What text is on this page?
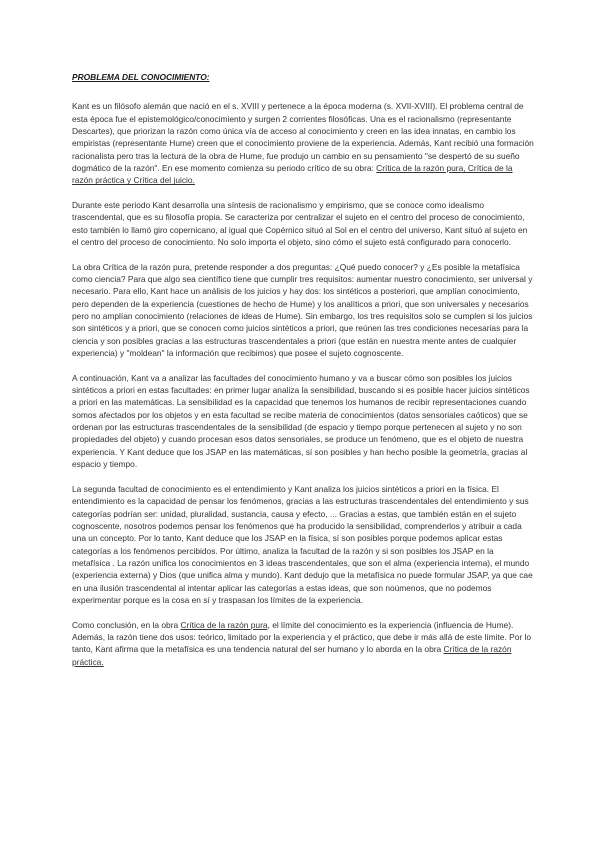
PROBLEMA DEL CONOCIMIENTO:

Kant es un filósofo alemán que nació en el s. XVIII y pertenece a la época moderna (s. XVII-XVIII). El problema central de esta época fue el epistemológico/conocimiento y surgen 2 corrientes filosóficas. Una es el racionalismo (representante Descartes), que priorizan la razón como única vía de acceso al conocimiento y creen en las idea innatas, en cambio los empiristas (representante Hume) creen que el conocimiento proviene de la experiencia. Además, Kant recibió una formación racionalista pero tras la lectura de la obra de Hume, fue produjo un cambio en su pensamiento "se despertó de su sueño dogmático de la razón". En ese momento comienza su periodo crítico de su obra: Crítica de la razón pura, Crítica de la razón práctica y Crítica del juicio.

Durante este periodo Kant desarrolla una síntesis de racionalismo y empirismo, que se conoce como idealismo trascendental, que es su filosofía propia. Se caracteriza por centralizar el sujeto en el centro del proceso de conocimiento, esto también lo llamó giro copernicano, al igual que Copérnico situó al Sol en el centro del universo, Kant situó al sujeto en el centro del proceso de conocimiento. No solo importa el objeto, sino cómo el sujeto está configurado para conocerlo.

La obra Crítica de la razón pura, pretende responder a dos preguntas: ¿Qué puedo conocer? y ¿Es posible la metafísica como ciencia? Para que algo sea científico tiene que cumplir tres requisitos: aumentar nuestro conocimiento, ser universal y necesario. Para ello, Kant hace un análisis de los juicios y hay dos: los sintéticos a posteriori, que amplían conocimiento, pero dependen de la experiencia (cuestiones de hecho de Hume) y los analíticos a priori, que son universales y necesarios pero no amplían conocimiento (relaciones de ideas de Hume). Sin embargo, los tres requisitos solo se cumplen si los juicios son sintéticos y a priori, que se conocen como juicios sintéticos a priori, que reúnen las tres condiciones necesarias para la ciencia y son posibles gracias a las estructuras trascendentales a priori (que están en nuestra mente antes de cualquier experiencia) y "moldean" la información que recibimos) que posee el sujeto cognoscente.

A continuación, Kant va a analizar las facultades del conocimiento humano y va a buscar cómo son posibles los juicios sintéticos a priori en estas facultades: en primer lugar analiza la sensibilidad, buscando si es posible hacer juicios sintéticos a priori en las matemáticas. La sensibilidad es la capacidad que tenemos los humanos de recibir representaciones cuando somos afectados por los objetos y en esta facultad se recibe materia de conocimientos (datos sensoriales caóticos) que se ordenan por las estructuras trascendentales de la sensibilidad (de espacio y tiempo porque pertenecen al sujeto y no son propiedades del objeto) y cuando procesan esos datos sensoriales, se produce un fenómeno, que es el objeto de nuestra experiencia. Y Kant deduce que los JSAP en las matemáticas, sí son posibles y han hecho posible la geometría, gracias al espacio y tiempo.

La segunda facultad de conocimiento es el entendimiento y Kant analiza los juicios sintéticos a priori en la física. El entendimiento es la capacidad de pensar los fenómenos, gracias a las estructuras trascendentales del entendimiento y sus categorías podrían ser: unidad, pluralidad, sustancia, causa y efecto, ... Gracias a estas, que también están en el sujeto cognoscente, nosotros podemos pensar los fenómenos que ha producido la sensibilidad, comprenderlos y atribuir a cada una un concepto. Por lo tanto, Kant deduce que los JSAP en la física, sí son posibles porque podemos aplicar estas categorías a los fenómenos percibidos. Por último, analiza la facultad de la razón y si son posibles los JSAP en la metafísica . La razón unifica los conocimientos en 3 ideas trascendentales, que son el alma (experiencia interna), el mundo (experiencia externa) y Dios (que unifica alma y mundo). Kant dedujo que la metafísica no puede formular JSAP, ya que cae en una ilusión trascendental al intentar aplicar las categorías a estas ideas, que son noúmenos, que no podemos experimentar porque es la cosa en sí y traspasan los límites de la experiencia.

Como conclusión, en la obra Crítica de la razón pura, el límite del conocimiento es la experiencia (influencia de Hume). Además, la razón tiene dos usos: teórico, limitado por la experiencia y el práctico, que debe ir más allá de este límite. Por lo tanto, Kant afirma que la metafísica es una tendencia natural del ser humano y lo aborda en la obra Crítica de la razón práctica.
